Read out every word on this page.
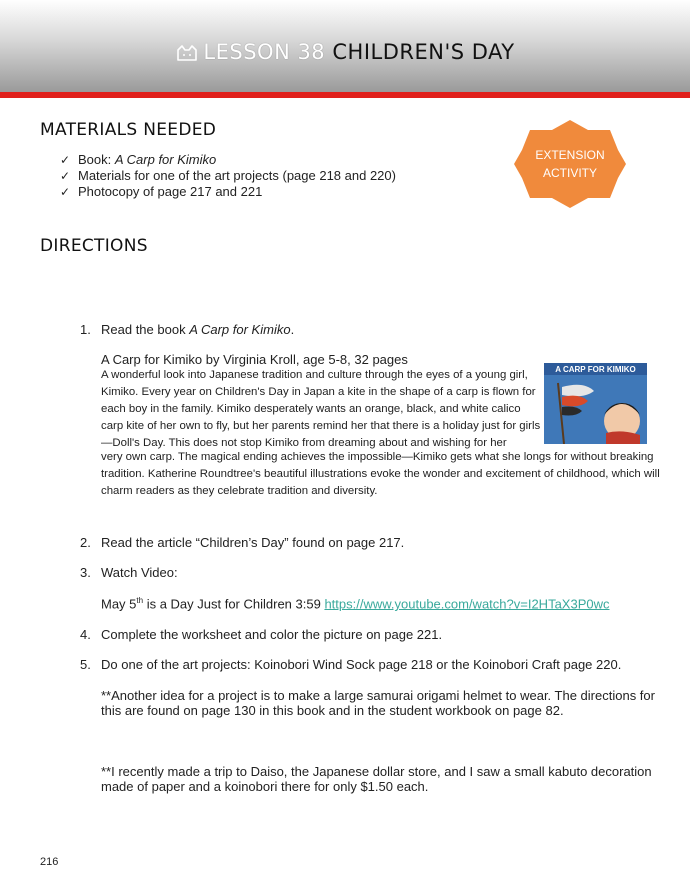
LESSON 38 CHILDREN'S DAY
MATERIALS NEEDED
✓ Book: A Carp for Kimiko
✓ Materials for one of the art projects (page 218 and 220)
✓ Photocopy of page 217 and 221
EXTENSION
ACTIVITY
DIRECTIONS
1. Read the book A Carp for Kimiko.
A Carp for Kimiko by Virginia Kroll, age 5-8, 32 pages
A wonderful look into Japanese tradition and culture through the eyes of a young girl, Kimiko. Every year on Children's Day in Japan a kite in the shape of a carp is flown for each boy in the family. Kimiko desperately wants an orange, black, and white calico carp kite of her own to fly, but her parents remind her that there is a holiday just for girls—Doll's Day. This does not stop Kimiko from dreaming about and wishing for her
very own carp. The magical ending achieves the impossible—Kimiko gets what she longs for without breaking tradition. Katherine Roundtree's beautiful illustrations evoke the wonder and excitement of childhood, which will charm readers as they celebrate tradition and diversity.
A CARP FOR KIMIKO
2. Read the article “Children’s Day” found on page 217.
3. Watch Video:
May 5th is a Day Just for Children 3:59 https://www.youtube.com/watch?v=I2HTaX3P0wc
4. Complete the worksheet and color the picture on page 221.
5. Do one of the art projects: Koinobori Wind Sock page 218 or the Koinobori Craft page 220.
**Another idea for a project is to make a large samurai origami helmet to wear. The directions for this are found on page 130 in this book and in the student workbook on page 82.
**I recently made a trip to Daiso, the Japanese dollar store, and I saw a small kabuto decoration made of paper and a koinobori there for only $1.50 each.
216
